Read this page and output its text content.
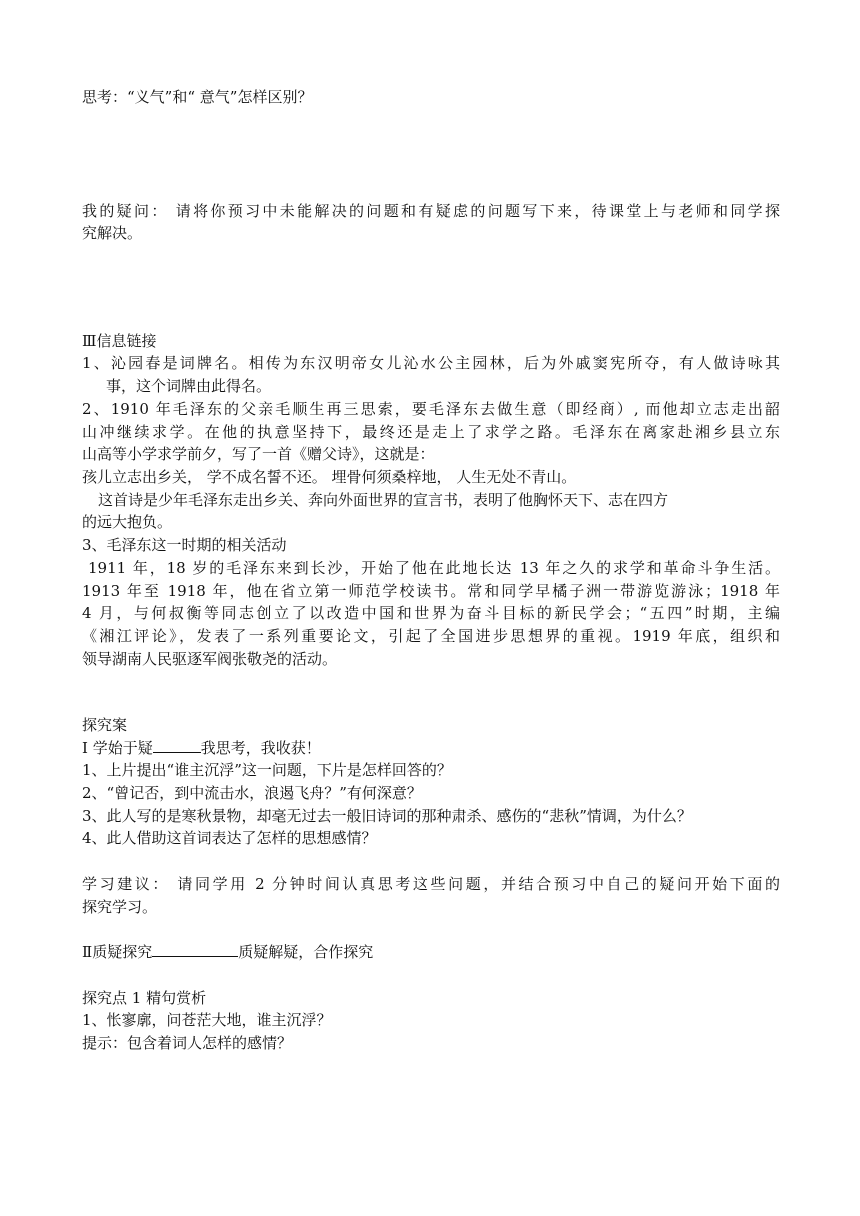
思考：“义气”和“ 意气”怎样区别？
我的疑问： 请将你预习中未能解决的问题和有疑虑的问题写下来，待课堂上与老师和同学探
究解决。
Ⅲ信息链接
1、沁园春是词牌名。相传为东汉明帝女儿沁水公主园林，后为外戚窦宪所夺，有人做诗咏其
事，这个词牌由此得名。
2、1910 年毛泽东的父亲毛顺生再三思索，要毛泽东去做生意（即经商）, 而他却立志走出韶
山冲继续求学。在他的执意坚持下，最终还是走上了求学之路。毛泽东在离家赴湘乡县立东
山高等小学求学前夕，写了一首《赠父诗》，这就是：
孩儿立志出乡关， 学不成名誓不还。 埋骨何须桑梓地， 人生无处不青山。
这首诗是少年毛泽东走出乡关、奔向外面世界的宣言书，表明了他胸怀天下、志在四方
的远大抱负。
3、毛泽东这一时期的相关活动
1911 年，18 岁的毛泽东来到长沙，开始了他在此地长达 13 年之久的求学和革命斗争生活。
1913 年至 1918 年，他在省立第一师范学校读书。常和同学早橘子洲一带游览游泳；1918 年
4 月，与何叔衡等同志创立了以改造中国和世界为奋斗目标的新民学会；“五四”时期，主编
《湘江评论》，发表了一系列重要论文，引起了全国进步思想界的重视。1919 年底，组织和
领导湖南人民驱逐军阀张敬尧的活动。
探究案
Ⅰ 学始于疑	我思考，我收获！
1、上片提出“谁主沉浮”这一问题，下片是怎样回答的？
2、“曾记否，到中流击水，浪遏飞舟？”有何深意？
3、此人写的是寒秋景物，却毫无过去一般旧诗词的那种肃杀、感伤的“悲秋”情调，为什么？
4、此人借助这首词表达了怎样的思想感情？
学习建议： 请同学用 2 分钟时间认真思考这些问题，并结合预习中自己的疑问开始下面的
探究学习。
Ⅱ质疑探究	质疑解疑，合作探究
探究点 1 精句赏析
1、怅寥廓，问苍茫大地，谁主沉浮？
提示：包含着词人怎样的感情？
